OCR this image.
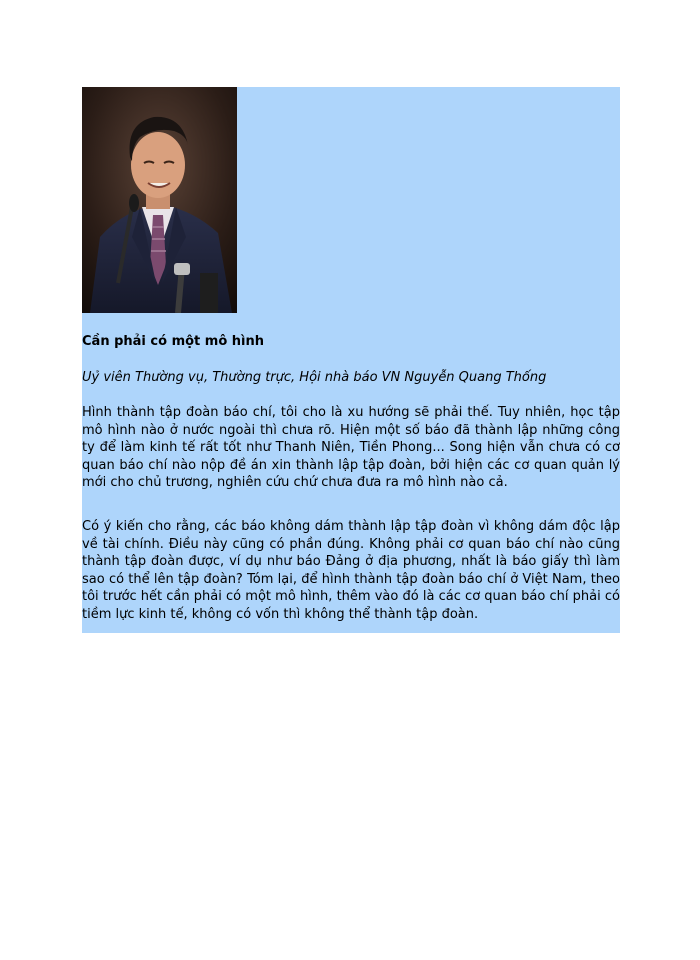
Cần phải có một mô hình

Uỷ viên Thường vụ, Thường trực, Hội nhà báo VN Nguyễn Quang Thống

Hình thành tập đoàn báo chí, tôi cho là xu hướng sẽ phải thế. Tuy nhiên, học tập mô hình nào ở nước ngoài thì chưa rõ. Hiện một số báo đã thành lập những công ty để làm kinh tế rất tốt như Thanh Niên, Tiền Phong... Song hiện vẫn chưa có cơ quan báo chí nào nộp đề án xin thành lập tập đoàn, bởi hiện các cơ quan quản lý mới cho chủ trương, nghiên cứu chứ chưa đưa ra mô hình nào cả.

Có ý kiến cho rằng, các báo không dám thành lập tập đoàn vì không dám độc lập về tài chính. Điều này cũng có phần đúng. Không phải cơ quan báo chí nào cũng thành tập đoàn được, ví dụ như báo Đảng ở địa phương, nhất là báo giấy thì làm sao có thể lên tập đoàn? Tóm lại, để hình thành tập đoàn báo chí ở Việt Nam, theo tôi trước hết cần phải có một mô hình, thêm vào đó là các cơ quan báo chí phải có tiềm lực kinh tế, không có vốn thì không thể thành tập đoàn.
